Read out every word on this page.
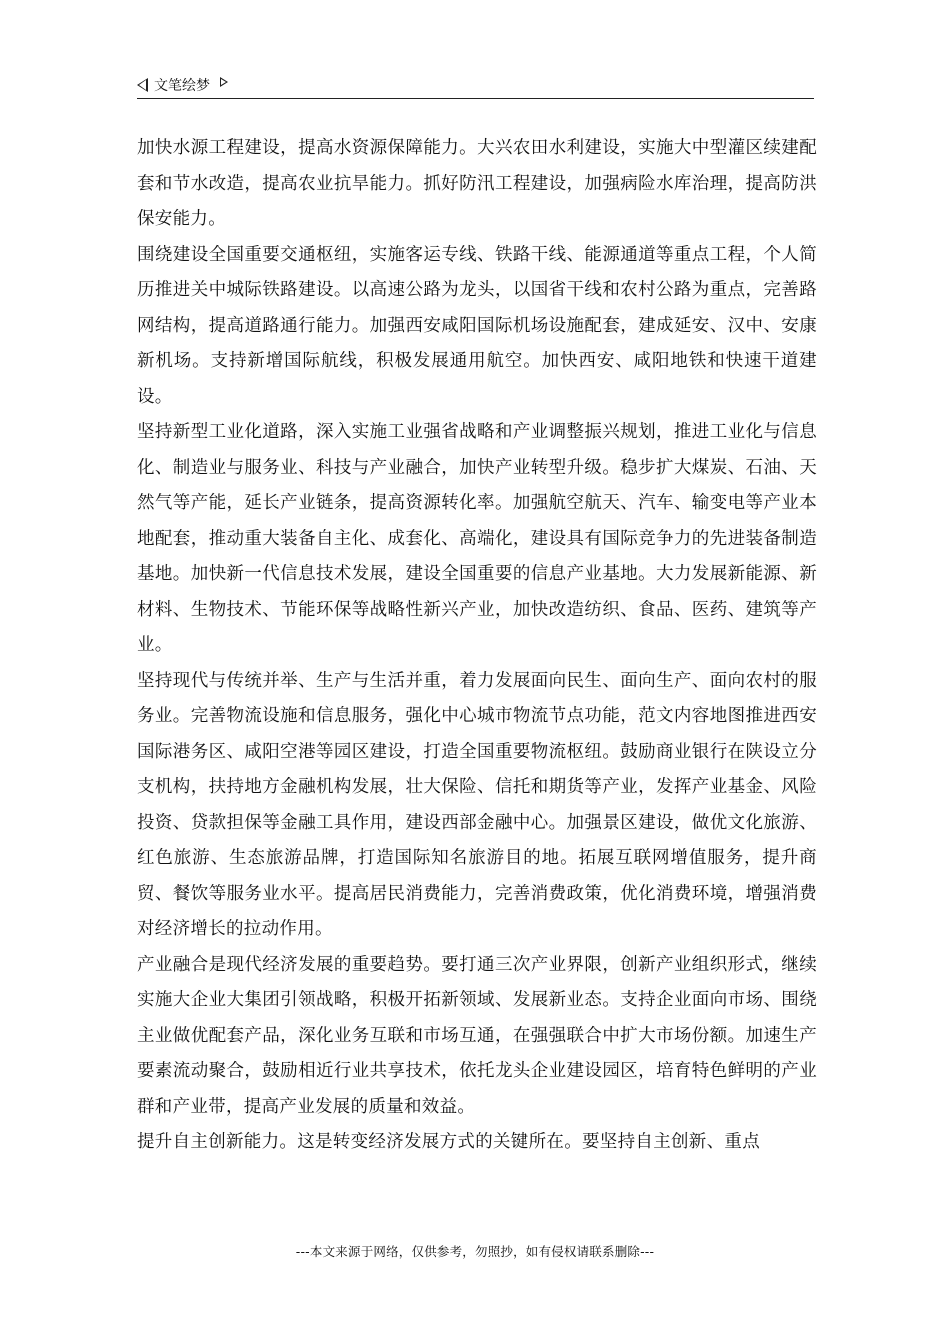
文笔绘梦

加快水源工程建设，提高水资源保障能力。大兴农田水利建设，实施大中型灌区续建配套和节水改造，提高农业抗旱能力。抓好防汛工程建设，加强病险水库治理，提高防洪保安能力。

围绕建设全国重要交通枢纽，实施客运专线、铁路干线、能源通道等重点工程，个人简历推进关中城际铁路建设。以高速公路为龙头，以国省干线和农村公路为重点，完善路网结构，提高道路通行能力。加强西安咸阳国际机场设施配套，建成延安、汉中、安康新机场。支持新增国际航线，积极发展通用航空。加快西安、咸阳地铁和快速干道建设。

坚持新型工业化道路，深入实施工业强省战略和产业调整振兴规划，推进工业化与信息化、制造业与服务业、科技与产业融合，加快产业转型升级。稳步扩大煤炭、石油、天然气等产能，延长产业链条，提高资源转化率。加强航空航天、汽车、输变电等产业本地配套，推动重大装备自主化、成套化、高端化，建设具有国际竞争力的先进装备制造基地。加快新一代信息技术发展，建设全国重要的信息产业基地。大力发展新能源、新材料、生物技术、节能环保等战略性新兴产业，加快改造纺织、食品、医药、建筑等产业。

坚持现代与传统并举、生产与生活并重，着力发展面向民生、面向生产、面向农村的服务业。完善物流设施和信息服务，强化中心城市物流节点功能，范文内容地图推进西安国际港务区、咸阳空港等园区建设，打造全国重要物流枢纽。鼓励商业银行在陕设立分支机构，扶持地方金融机构发展，壮大保险、信托和期货等产业，发挥产业基金、风险投资、贷款担保等金融工具作用，建设西部金融中心。加强景区建设，做优文化旅游、红色旅游、生态旅游品牌，打造国际知名旅游目的地。拓展互联网增值服务，提升商贸、餐饮等服务业水平。提高居民消费能力，完善消费政策，优化消费环境，增强消费对经济增长的拉动作用。

产业融合是现代经济发展的重要趋势。要打通三次产业界限，创新产业组织形式，继续实施大企业大集团引领战略，积极开拓新领域、发展新业态。支持企业面向市场、围绕主业做优配套产品，深化业务互联和市场互通，在强强联合中扩大市场份额。加速生产要素流动聚合，鼓励相近行业共享技术，依托龙头企业建设园区，培育特色鲜明的产业群和产业带，提高产业发展的质量和效益。

提升自主创新能力。这是转变经济发展方式的关键所在。要坚持自主创新、重点

---本文来源于网络，仅供参考，勿照抄，如有侵权请联系删除---
